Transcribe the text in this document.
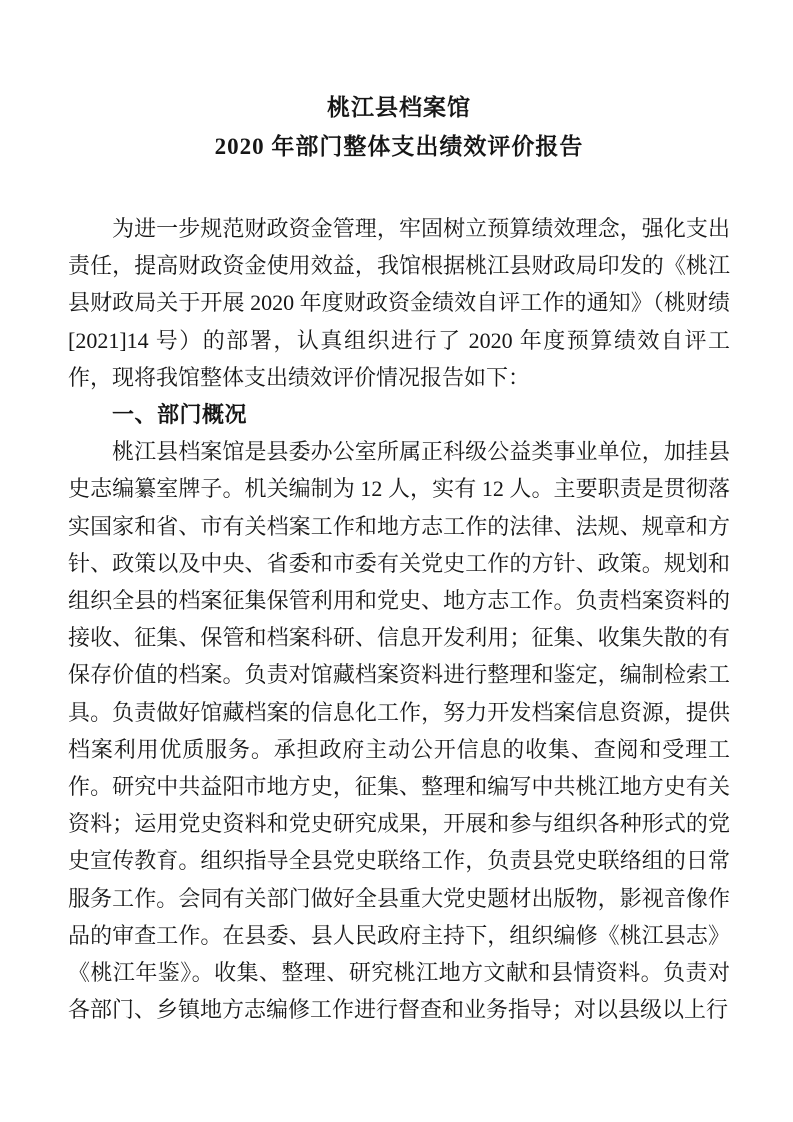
桃江县档案馆
2020 年部门整体支出绩效评价报告

为进一步规范财政资金管理，牢固树立预算绩效理念，强化支出责任，提高财政资金使用效益，我馆根据桃江县财政局印发的《桃江县财政局关于开展 2020 年度财政资金绩效自评工作的通知》（桃财绩[2021]14 号）的部署，认真组织进行了 2020 年度预算绩效自评工作，现将我馆整体支出绩效评价情况报告如下：

一、部门概况

桃江县档案馆是县委办公室所属正科级公益类事业单位，加挂县史志编纂室牌子。机关编制为 12 人，实有 12 人。主要职责是贯彻落实国家和省、市有关档案工作和地方志工作的法律、法规、规章和方针、政策以及中央、省委和市委有关党史工作的方针、政策。规划和组织全县的档案征集保管利用和党史、地方志工作。负责档案资料的接收、征集、保管和档案科研、信息开发利用；征集、收集失散的有保存价值的档案。负责对馆藏档案资料进行整理和鉴定，编制检索工具。负责做好馆藏档案的信息化工作，努力开发档案信息资源，提供档案利用优质服务。承担政府主动公开信息的收集、查阅和受理工作。研究中共益阳市地方史，征集、整理和编写中共桃江地方史有关资料；运用党史资料和党史研究成果，开展和参与组织各种形式的党史宣传教育。组织指导全县党史联络工作，负责县党史联络组的日常服务工作。会同有关部门做好全县重大党史题材出版物，影视音像作品的审查工作。在县委、县人民政府主持下，组织编修《桃江县志》《桃江年鉴》。收集、整理、研究桃江地方文献和县情资料。负责对各部门、乡镇地方志编修工作进行督查和业务指导；对以县级以上行
